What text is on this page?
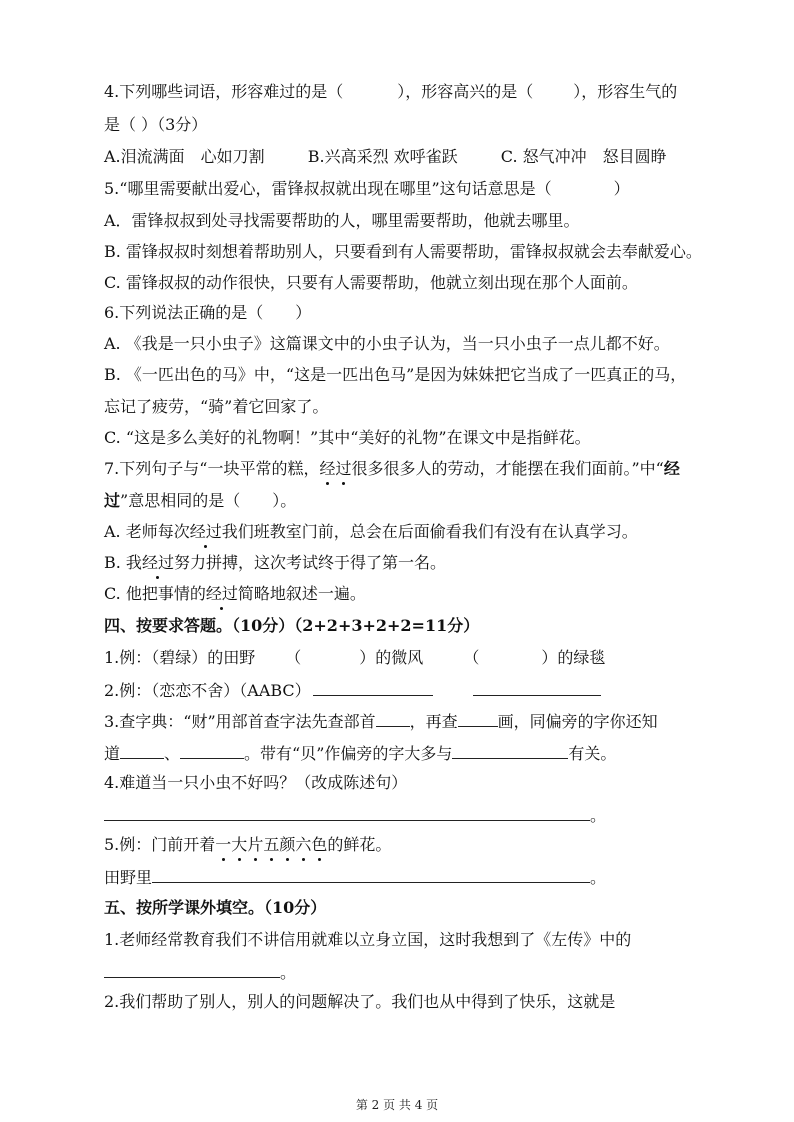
4.下列哪些词语，形容难过的是（	），形容高兴的是（	），形容生气的
是（ ）（3分）
A.泪流满面　心如刀割	B.兴高采烈 欢呼雀跃	C. 怒气冲冲　怒目圆睁
5.“哪里需要献出爱心，雷锋叔叔就出现在哪里”这句话意思是（	）
A．雷锋叔叔到处寻找需要帮助的人，哪里需要帮助，他就去哪里。
B. 雷锋叔叔时刻想着帮助别人，只要看到有人需要帮助，雷锋叔叔就会去奉献爱心。
C. 雷锋叔叔的动作很快，只要有人需要帮助，他就立刻出现在那个人面前。
6.下列说法正确的是（　　）
A. 《我是一只小虫子》这篇课文中的小虫子认为，当一只小虫子一点儿都不好。
B. 《一匹出色的马》中，“这是一匹出色马”是因为妹妹把它当成了一匹真正的马，
忘记了疲劳，“骑”着它回家了。
C. “这是多么美好的礼物啊！”其中“美好的礼物”在课文中是指鲜花。
7.下列句子与“一块平常的糕，经过很多很多人的劳动，才能摆在我们面前。”中“经
过”意思相同的是（　　）。
A. 老师每次经过我们班教室门前，总会在后面偷看我们有没有在认真学习。
B. 我经过努力拼搏，这次考试终于得了第一名。
C. 他把事情的经过简略地叙述一遍。
四、按要求答题。（10分）（2+2+3+2+2=11分）
1.例：（碧绿）的田野 （	）的微风	（	）的绿毯
2.例：（恋恋不舍）（AABC）
3.查字典：“财”用部首查字法先查部首 ，再查	画，同偏旁的字你还知
道	、	。带有“贝”作偏旁的字大多与	有关。
4.难道当一只小虫不好吗？（改成陈述句）
。
5.例：门前开着一大片五颜六色的鲜花。
田野里	。
五、按所学课外填空。（10分）
1.老师经常教育我们不讲信用就难以立身立国，这时我想到了《左传》中的
。
2.我们帮助了别人，别人的问题解决了。我们也从中得到了快乐，这就是
第 2 页 共 4 页
